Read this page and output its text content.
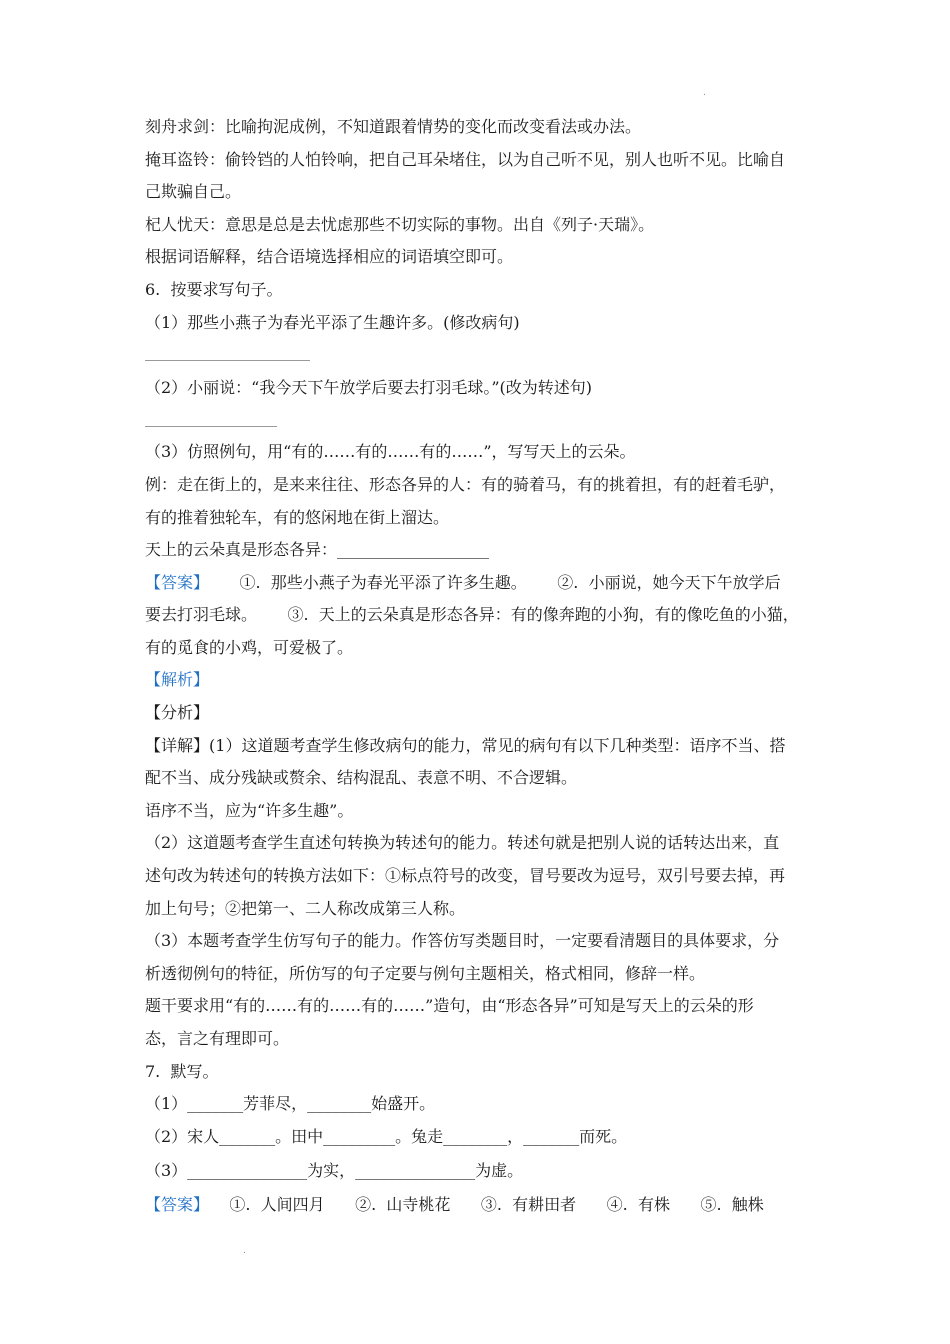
.
刻舟求剑：比喻拘泥成例，不知道跟着情势的变化而改变看法或办法。
掩耳盗铃：偷铃铛的人怕铃响，把自己耳朵堵住，以为自己听不见，别人也听不见。比喻自
己欺骗自己。
杞人忧天：意思是总是去忧虑那些不切实际的事物。出自《列子·天瑞》。
根据词语解释，结合语境选择相应的词语填空即可。
6.  按要求写句子。
（1）那些小燕子为春光平添了生趣许多。(修改病句)
（2）小丽说：“我今天下午放学后要去打羽毛球。”(改为转述句)
（3）仿照例句，用“有的……有的……有的……”，写写天上的云朵。
例：走在街上的，是来来往往、形态各异的人：有的骑着马，有的挑着担，有的赶着毛驴，
有的推着独轮车，有的悠闲地在街上溜达。
天上的云朵真是形态各异：___________________
【答案】      ①.  那些小燕子为春光平添了许多生趣。      ②.  小丽说，她今天下午放学后
要去打羽毛球。      ③.  天上的云朵真是形态各异：有的像奔跑的小狗，有的像吃鱼的小猫，
有的觅食的小鸡，可爱极了。
【解析】
【分析】
【详解】(1）这道题考查学生修改病句的能力，常见的病句有以下几种类型：语序不当、搭
配不当、成分残缺或赘余、结构混乱、表意不明、不合逻辑。
语序不当，应为“许多生趣”。
（2）这道题考查学生直述句转换为转述句的能力。转述句就是把别人说的话转达出来，直
述句改为转述句的转换方法如下：①标点符号的改变，冒号要改为逗号，双引号要去掉，再
加上句号；②把第一、二人称改成第三人称。
（3）本题考查学生仿写句子的能力。作答仿写类题目时，一定要看清题目的具体要求，分
析透彻例句的特征，所仿写的句子定要与例句主题相关，格式相同，修辞一样。
题干要求用“有的……有的……有的……”造句，由“形态各异”可知是写天上的云朵的形
态，言之有理即可。
7.  默写。
（1）_______芳菲尽，________始盛开。
（2）宋人_______。田中_________。兔走________，_______而死。
（3）_______________为实，_______________为虚。
【答案】    ①.  人间四月      ②.  山寺桃花      ③.  有耕田者      ④.  有株      ⑤.  触株
.
